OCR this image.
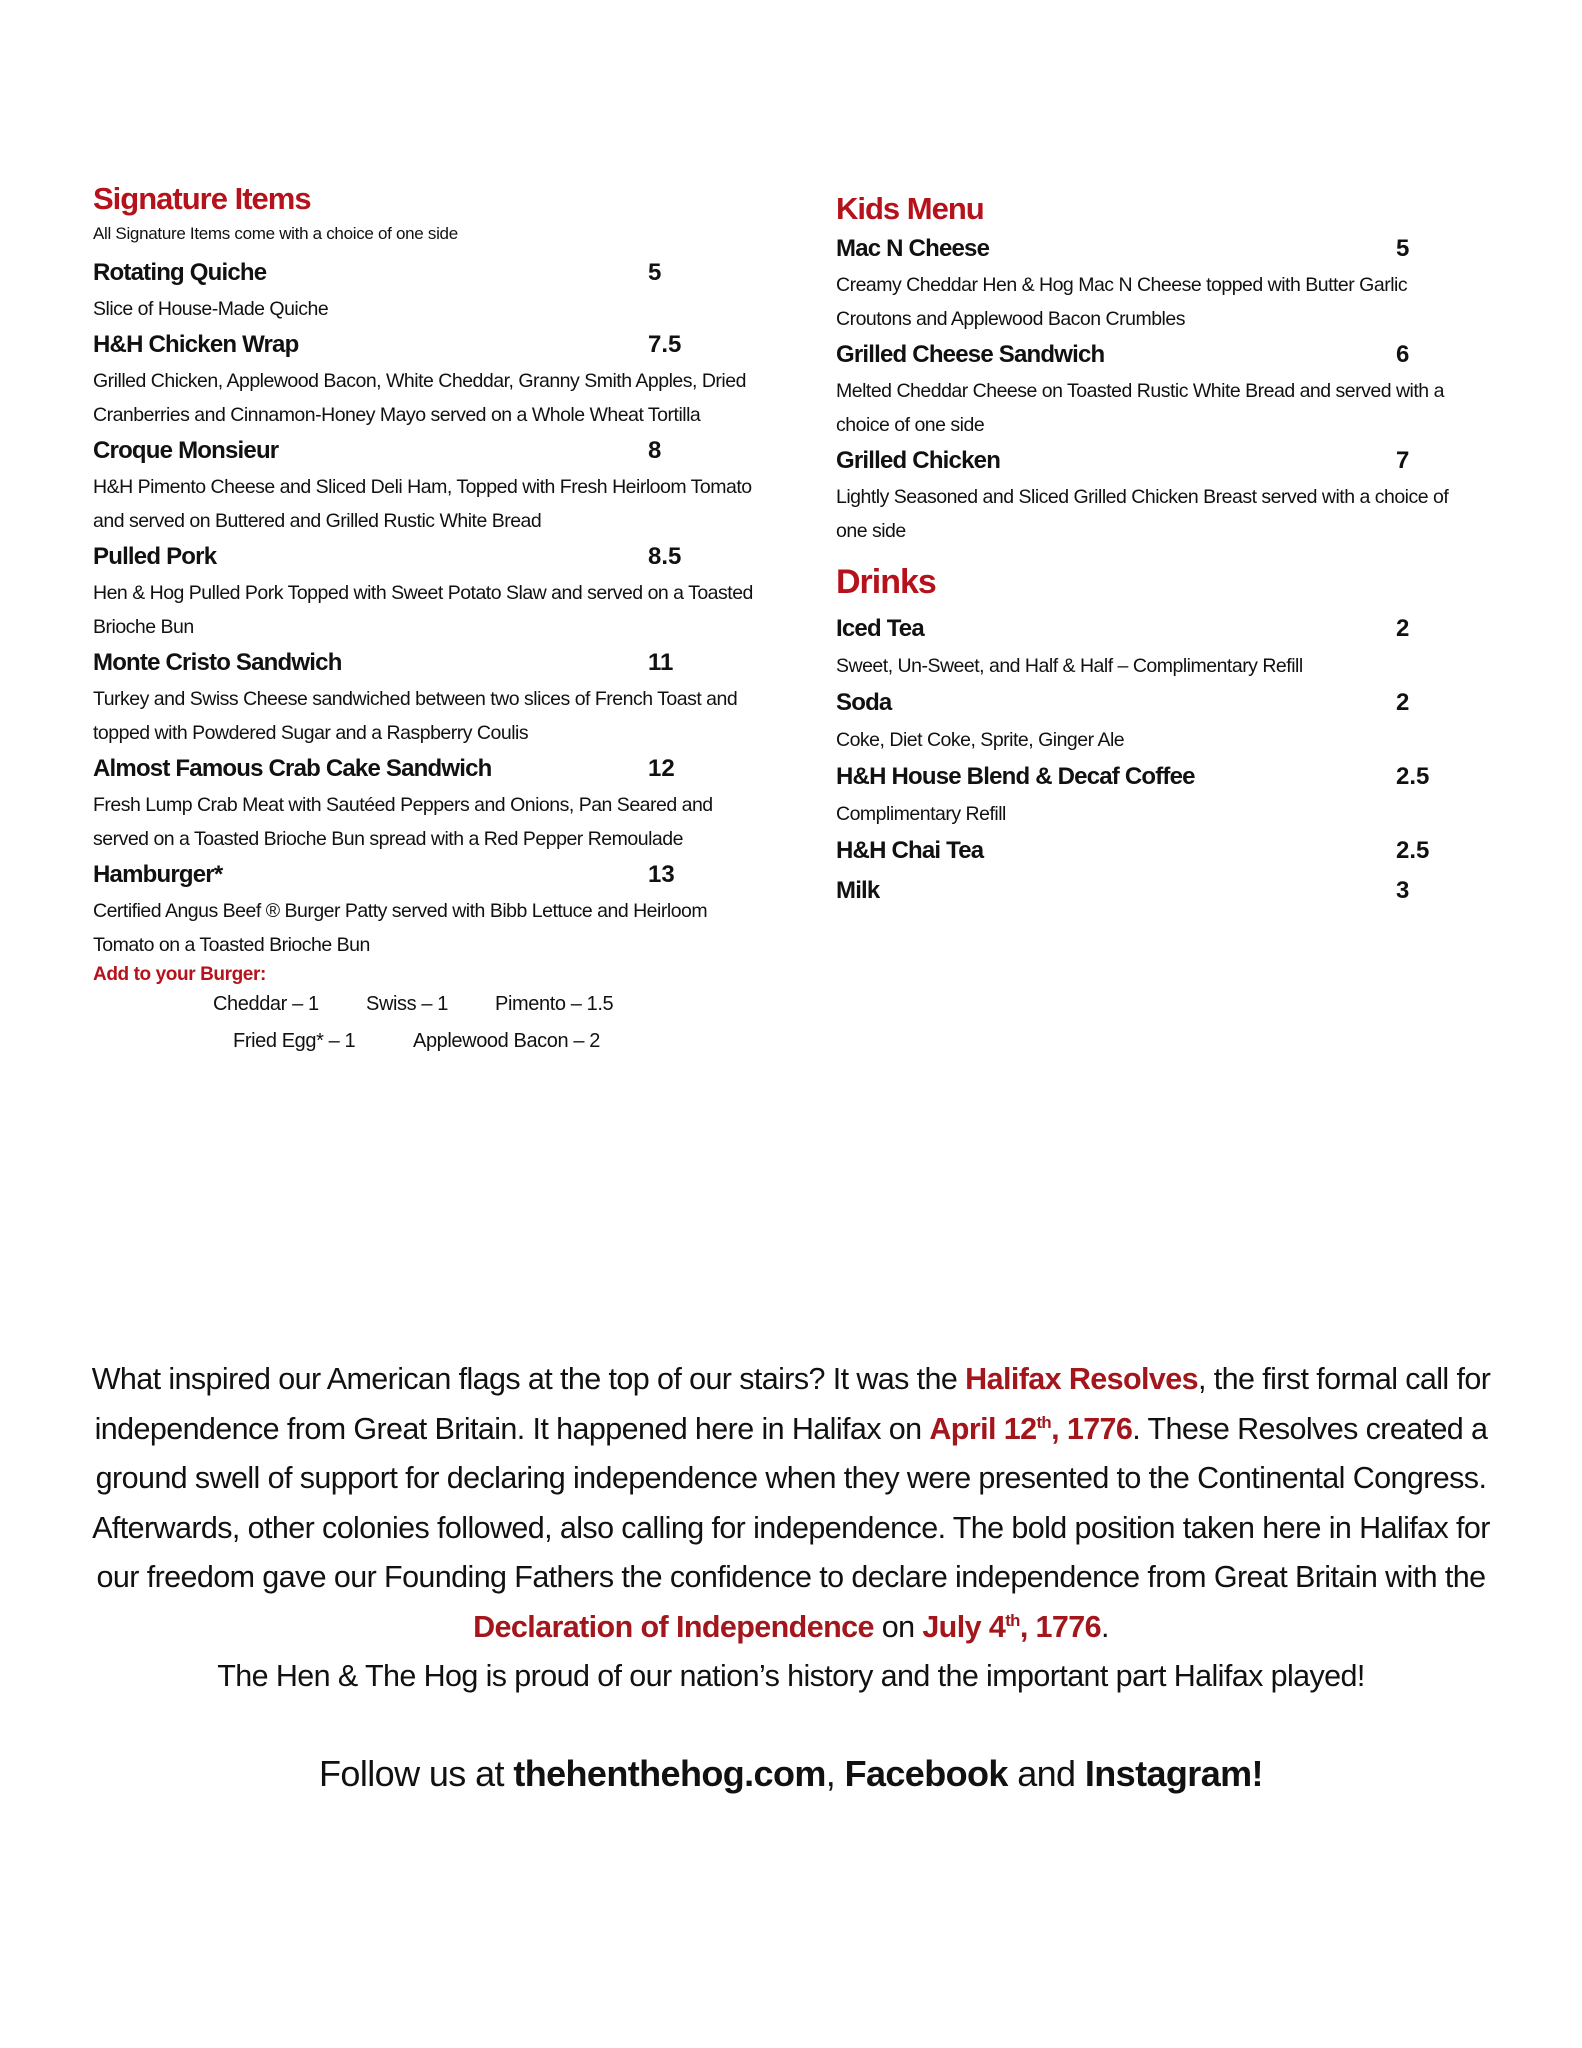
Signature Items
All Signature Items come with a choice of one side
Rotating Quiche	5
Slice of House-Made Quiche
H&H Chicken Wrap	7.5
Grilled Chicken, Applewood Bacon, White Cheddar, Granny Smith Apples, Dried Cranberries and Cinnamon-Honey Mayo served on a Whole Wheat Tortilla
Croque Monsieur	8
H&H Pimento Cheese and Sliced Deli Ham, Topped with Fresh Heirloom Tomato and served on Buttered and Grilled Rustic White Bread
Pulled Pork	8.5
Hen & Hog Pulled Pork Topped with Sweet Potato Slaw and served on a Toasted Brioche Bun
Monte Cristo Sandwich	11
Turkey and Swiss Cheese sandwiched between two slices of French Toast and topped with Powdered Sugar and a Raspberry Coulis
Almost Famous Crab Cake Sandwich	12
Fresh Lump Crab Meat with Sautéed Peppers and Onions, Pan Seared and served on a Toasted Brioche Bun spread with a Red Pepper Remoulade
Hamburger*	13
Certified Angus Beef ® Burger Patty served with Bibb Lettuce and Heirloom Tomato on a Toasted Brioche Bun
Add to your Burger:
Cheddar – 1 Swiss – 1 Pimento – 1.5
Fried Egg* – 1	Applewood Bacon – 2
Kids Menu
Mac N Cheese	5
Creamy Cheddar Hen & Hog Mac N Cheese topped with Butter Garlic Croutons and Applewood Bacon Crumbles
Grilled Cheese Sandwich	6
Melted Cheddar Cheese on Toasted Rustic White Bread and served with a choice of one side
Grilled Chicken	7
Lightly Seasoned and Sliced Grilled Chicken Breast served with a choice of one side
Drinks
Iced Tea	2
Sweet, Un-Sweet, and Half & Half – Complimentary Refill
Soda	2
Coke, Diet Coke, Sprite, Ginger Ale
H&H House Blend & Decaf Coffee	2.5
Complimentary Refill
H&H Chai Tea	2.5
Milk	3
What inspired our American flags at the top of our stairs? It was the Halifax Resolves, the first formal call for independence from Great Britain. It happened here in Halifax on April 12th, 1776. These Resolves created a ground swell of support for declaring independence when they were presented to the Continental Congress. Afterwards, other colonies followed, also calling for independence. The bold position taken here in Halifax for our freedom gave our Founding Fathers the confidence to declare independence from Great Britain with the Declaration of Independence on July 4th, 1776.
The Hen & The Hog is proud of our nation’s history and the important part Halifax played!
Follow us at thehenthehog.com, Facebook and Instagram!
